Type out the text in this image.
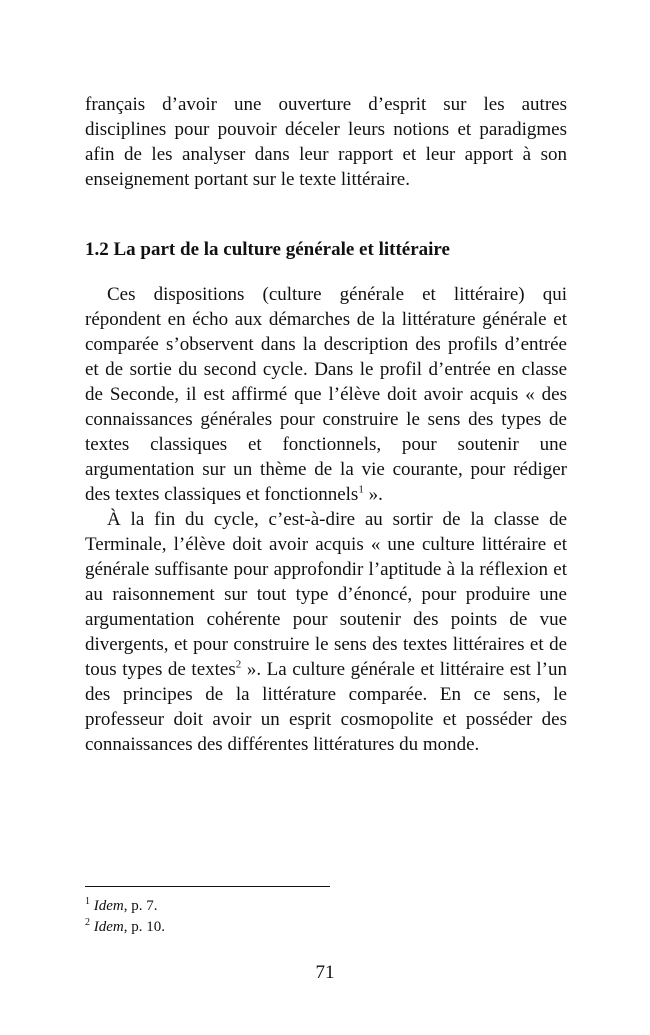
français d’avoir une ouverture d’esprit sur les autres disciplines pour pouvoir déceler leurs notions et paradigmes afin de les analyser dans leur rapport et leur apport à son enseignement portant sur le texte littéraire.

1.2 La part de la culture générale et littéraire

Ces dispositions (culture générale et littéraire) qui répondent en écho aux démarches de la littérature générale et comparée s’observent dans la description des profils d’entrée et de sortie du second cycle. Dans le profil d’entrée en classe de Seconde, il est affirmé que l’élève doit avoir acquis « des connaissances générales pour construire le sens des types de textes classiques et fonctionnels, pour soutenir une argumentation sur un thème de la vie courante, pour rédiger des textes classiques et fonctionnels$^1$ ».

À la fin du cycle, c’est-à-dire au sortir de la classe de Terminale, l’élève doit avoir acquis « une culture littéraire et générale suffisante pour approfondir l’aptitude à la réflexion et au raisonnement sur tout type d’énoncé, pour produire une argumentation cohérente pour soutenir des points de vue divergents, et pour construire le sens des textes littéraires et de tous types de textes$^2$ ». La culture générale et littéraire est l’un des principes de la littérature comparée. En ce sens, le professeur doit avoir un esprit cosmopolite et posséder des connaissances des différentes littératures du monde.

$^1$ Idem, p. 7.

$^2$ Idem, p. 10.

71
